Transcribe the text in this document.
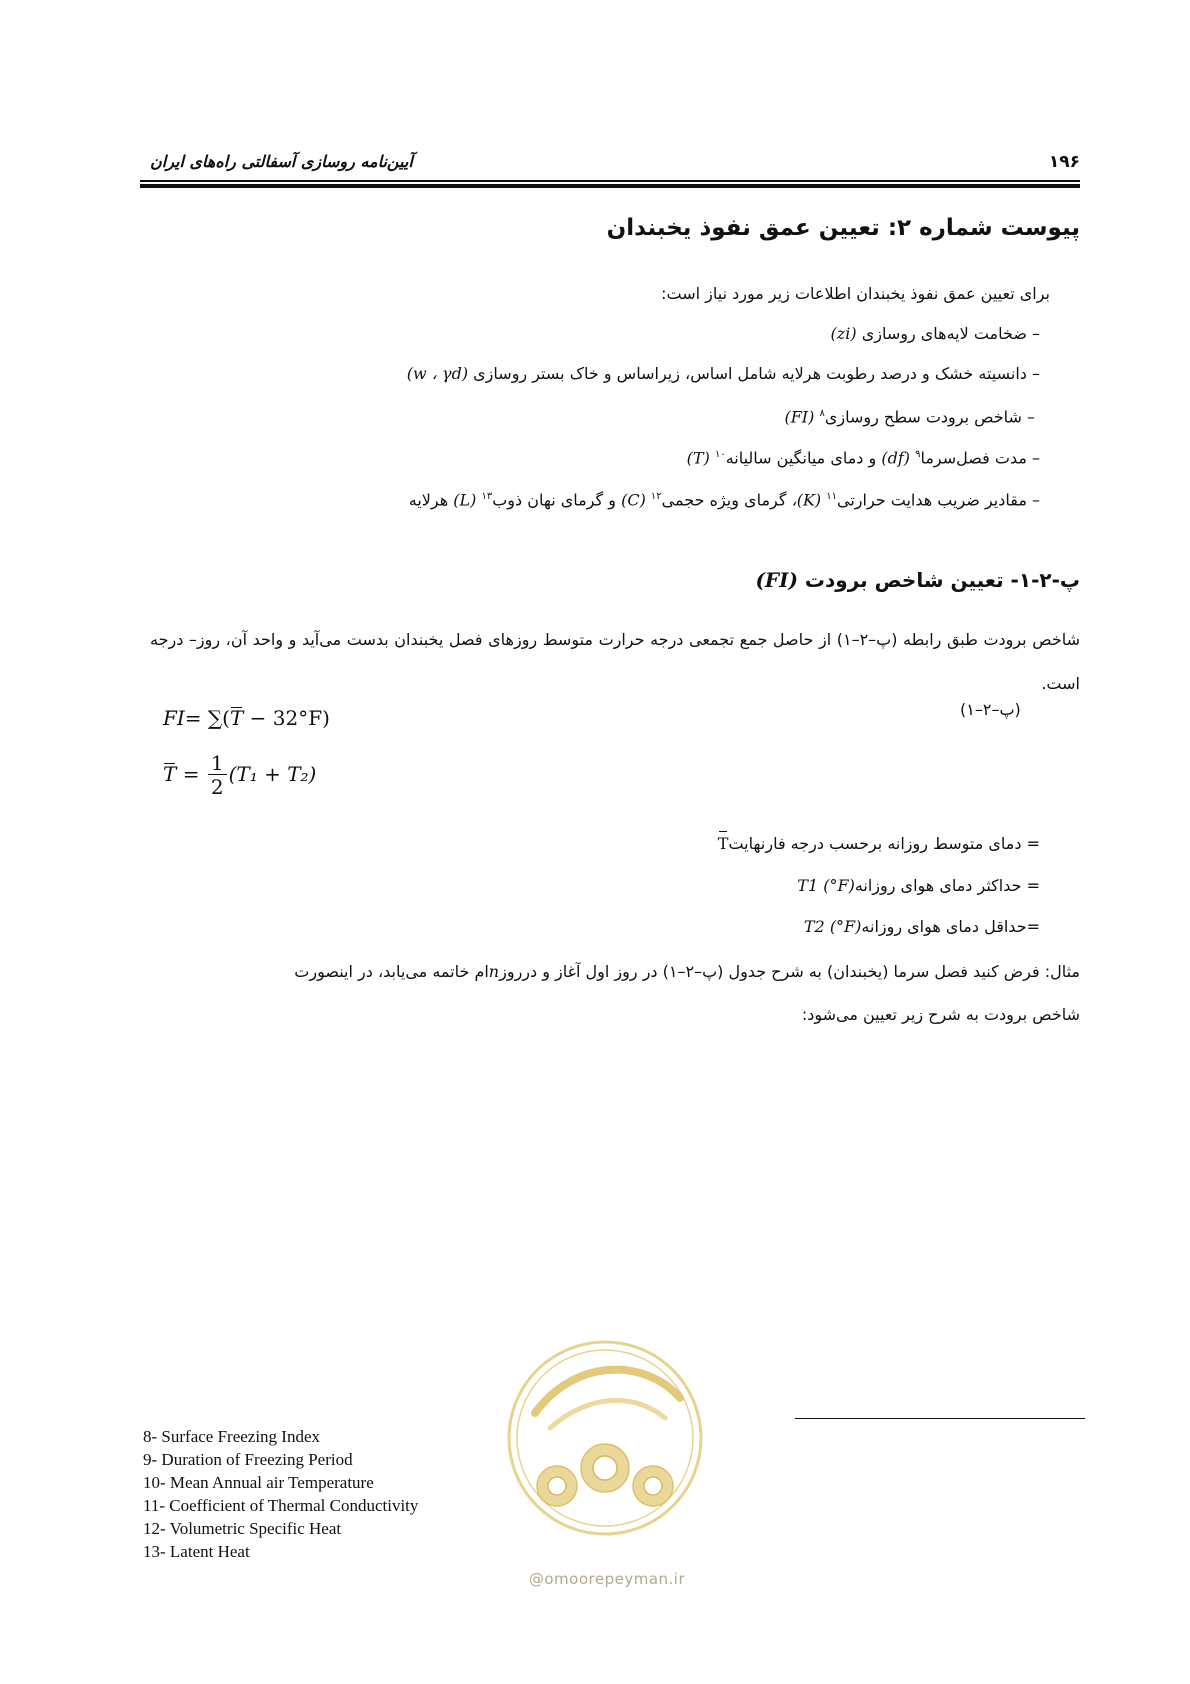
آیین‌نامه روسازی آسفالتی راه‌های ایران	۱۹۶
پیوست شماره ۲: تعیین عمق نفوذ یخبندان
برای تعیین عمق نفوذ یخبندان اطلاعات زیر مورد نیاز است:
– ضخامت لایه‌های روسازی (zi)
– دانسیته خشک و درصد رطوبت هرلایه شامل اساس، زیراساس و خاک بستر روسازی (w ، γd)
– شاخص برودت سطح روسازی$^۸$ (FI)
– مدت فصل‌سرما$^۹$ (df) و دمای میانگین سالیانه$^{۱۰}$ (T)
– مقادیر ضریب هدایت حرارتی$^{۱۱}$ (K)، گرمای ویژه حجمی$^{۱۲}$ (C) و گرمای نهان ذوب$^{۱۳}$ (L) هرلایه
پ-۲-۱- تعیین شاخص برودت (FI)
شاخص برودت طبق رابطه (پ–۲–۱) از حاصل جمع تجمعی درجه حرارت متوسط روزهای فصل یخبندان بدست می‌آید و واحد آن، روز– درجه است.
FI= ∑(T − 32°F)	(پ–۲–۱)
$T = \frac{1}{2} (T_1 + T_2)$
= دمای متوسط روزانه برحسب درجه فارنهایتT
= حداکثر دمای هوای روزانهT1 (°F)
=حداقل دمای هوای روزانهT2 (°F)
مثال: فرض کنید فصل سرما (یخبندان) به شرح جدول (پ–۲–۱) در روز اول آغاز و درروزnام خاتمه می‌یابد، در اینصورت
شاخص برودت به شرح زیر تعیین می‌شود:
@omoorepeyman.ir
8- Surface Freezing Index
9- Duration of Freezing Period
10- Mean Annual air Temperature
11- Coefficient of Thermal Conductivity
12- Volumetric Specific Heat
13- Latent Heat
